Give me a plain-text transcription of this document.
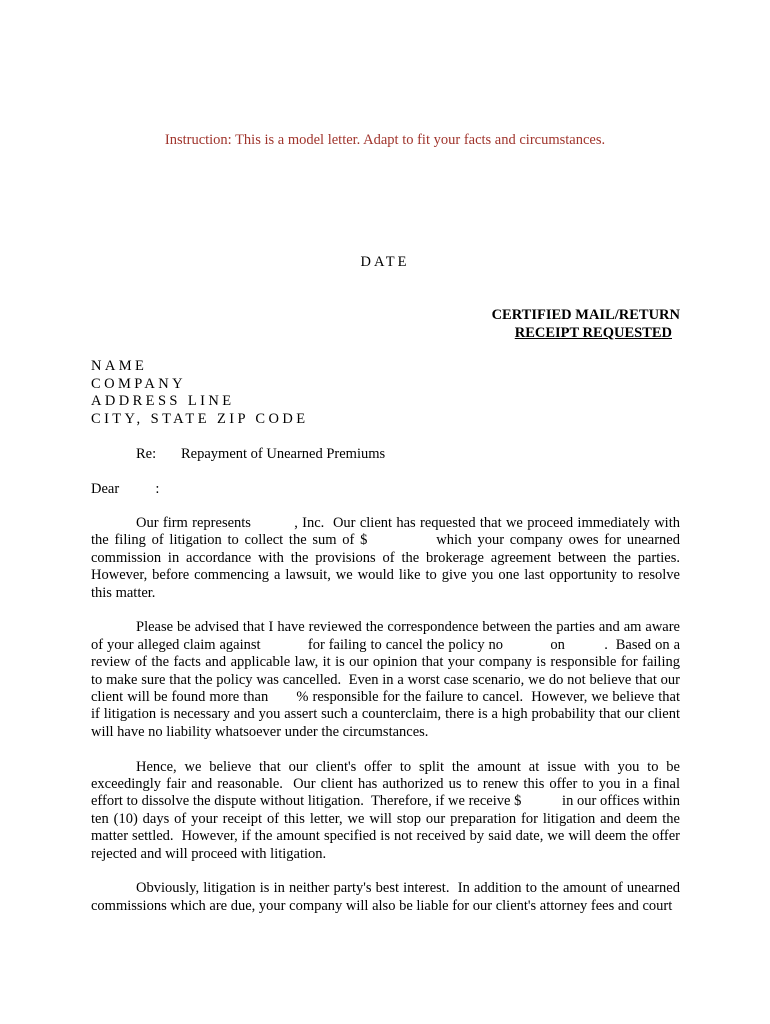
Instruction: This is a model letter. Adapt to fit your facts and circumstances.
DATE
CERTIFIED MAIL/RETURN
RECEIPT REQUESTED
NAME
COMPANY
ADDRESS LINE
CITY, STATE ZIP CODE
Re: Repayment of Unearned Premiums
Dear          :

Our firm represents          , Inc.  Our client has requested that we proceed immediately with the filing of litigation to collect the sum of $            which your company owes for unearned commission in accordance with the provisions of the brokerage agreement between the parties.  However, before commencing a lawsuit, we would like to give you one last opportunity to resolve this matter.

Please be advised that I have reviewed the correspondence between the parties and am aware of your alleged claim against            for failing to cancel the policy no            on          .  Based on a review of the facts and applicable law, it is our opinion that your company is responsible for failing to make sure that the policy was cancelled.  Even in a worst case scenario, we do not believe that our client will be found more than       % responsible for the failure to cancel.  However, we believe that if litigation is necessary and you assert such a counterclaim, there is a high probability that our client will have no liability whatsoever under the circumstances.

Hence, we believe that our client's offer to split the amount at issue with you to be exceedingly fair and reasonable.  Our client has authorized us to renew this offer to you in a final effort to dissolve the dispute without litigation.  Therefore, if we receive $           in our offices within ten (10) days of your receipt of this letter, we will stop our preparation for litigation and deem the matter settled.  However, if the amount specified is not received by said date, we will deem the offer rejected and will proceed with litigation.

Obviously, litigation is in neither party's best interest.  In addition to the amount of unearned commissions which are due, your company will also be liable for our client's attorney fees and court
